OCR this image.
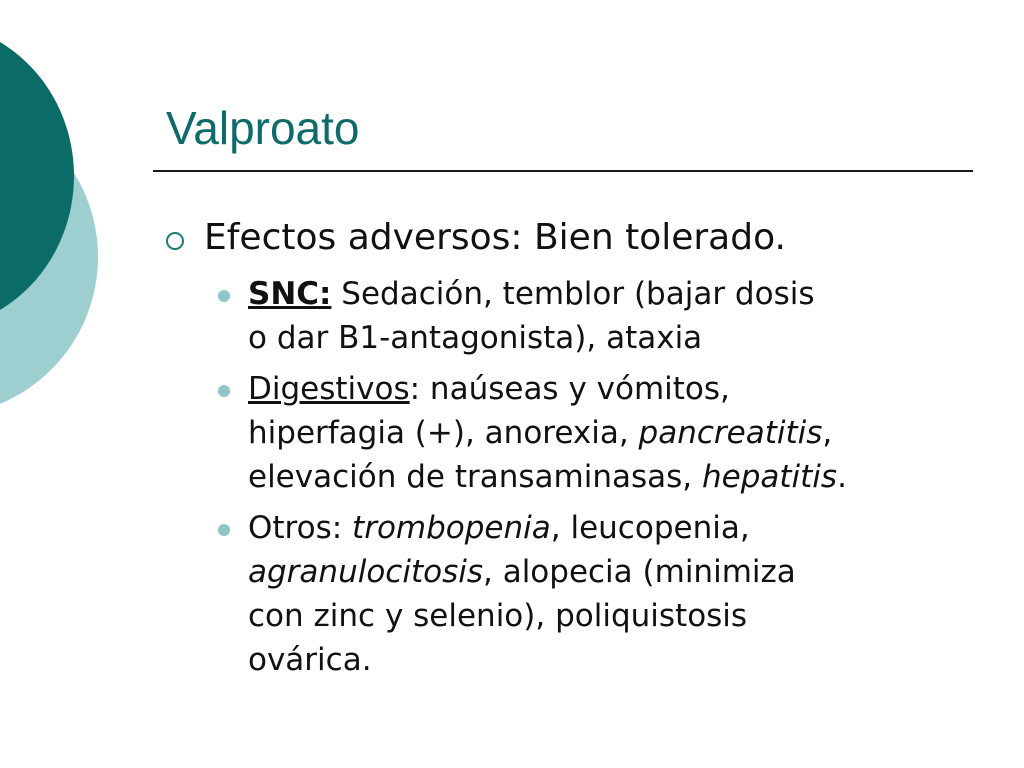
Valproato
Efectos adversos: Bien tolerado.
SNC: Sedación, temblor (bajar dosis
o dar B1-antagonista), ataxia
Digestivos: naúseas y vómitos,
hiperfagia (+), anorexia, pancreatitis,
elevación de transaminasas, hepatitis.
Otros: trombopenia, leucopenia,
agranulocitosis, alopecia (minimiza
con zinc y selenio), poliquistosis
ovárica.
